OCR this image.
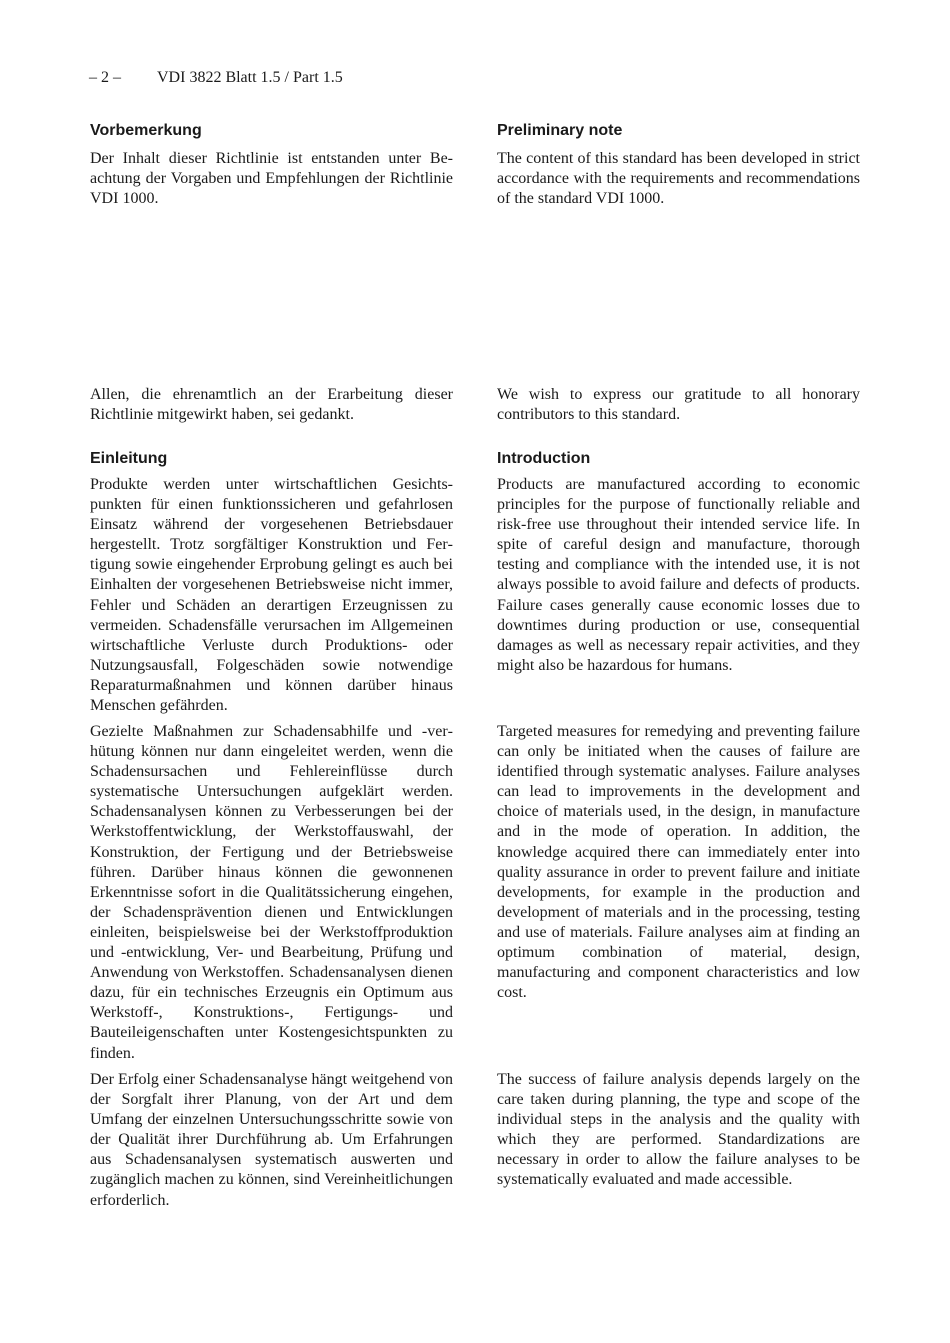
– 2 – VDI 3822 Blatt 1.5 / Part 1.5
Vorbemerkung

Der Inhalt dieser Richtlinie ist entstanden unter Beachtung der Vorgaben und Empfehlungen der Richtlinie VDI 1000.

Allen, die ehrenamtlich an der Erarbeitung dieser Richtlinie mitgewirkt haben, sei gedankt.

Einleitung

Produkte werden unter wirtschaftlichen Gesichtspunkten für einen funktionssicheren und gefahrlosen Einsatz während der vorgesehenen Betriebsdauer hergestellt. Trotz sorgfältiger Konstruktion und Fertigung sowie eingehender Erprobung gelingt es auch bei Einhalten der vorgesehenen Betriebsweise nicht immer, Fehler und Schäden an derartigen Erzeugnissen zu vermeiden. Schadensfälle verursachen im Allgemeinen wirtschaftliche Verluste durch Produktions- oder Nutzungsausfall, Folgeschäden sowie notwendige Reparaturmaßnahmen und können darüber hinaus Menschen gefährden.

Gezielte Maßnahmen zur Schadensabhilfe und -verhütung können nur dann eingeleitet werden, wenn die Schadensursachen und Fehlereinflüsse durch systematische Untersuchungen aufgeklärt werden. Schadensanalysen können zu Verbesserungen bei der Werkstoffentwicklung, der Werkstoffauswahl, der Konstruktion, der Fertigung und der Betriebsweise führen. Darüber hinaus können die gewonnenen Erkenntnisse sofort in die Qualitätssicherung eingehen, der Schadensprävention dienen und Entwicklungen einleiten, beispielsweise bei der Werkstoffproduktion und -entwicklung, Ver- und Bearbeitung, Prüfung und Anwendung von Werkstoffen. Schadensanalysen dienen dazu, für ein technisches Erzeugnis ein Optimum aus Werkstoff-, Konstruktions-, Fertigungs- und Bauteileigenschaften unter Kostengesichtspunkten zu finden.

Der Erfolg einer Schadensanalyse hängt weitgehend von der Sorgfalt ihrer Planung, von der Art und dem Umfang der einzelnen Untersuchungsschritte sowie von der Qualität ihrer Durchführung ab. Um Erfahrungen aus Schadensanalysen systematisch auswerten und zugänglich machen zu können, sind Vereinheitlichungen erforderlich.

Preliminary note

The content of this standard has been developed in strict accordance with the requirements and recommendations of the standard VDI 1000.

We wish to express our gratitude to all honorary contributors to this standard.

Introduction

Products are manufactured according to economic principles for the purpose of functionally reliable and risk-free use throughout their intended service life. In spite of careful design and manufacture, thorough testing and compliance with the intended use, it is not always possible to avoid failure and defects of products. Failure cases generally cause economic losses due to downtimes during production or use, consequential damages as well as necessary repair activities, and they might also be hazardous for humans.

Targeted measures for remedying and preventing failure can only be initiated when the causes of failure are identified through systematic analyses. Failure analyses can lead to improvements in the development and choice of materials used, in the design, in manufacture and in the mode of operation. In addition, the knowledge acquired there can immediately enter into quality assurance in order to prevent failure and initiate developments, for example in the production and development of materials and in the processing, testing and use of materials. Failure analyses aim at finding an optimum combination of material, design, manufacturing and component characteristics and low cost.

The success of failure analysis depends largely on the care taken during planning, the type and scope of the individual steps in the analysis and the quality with which they are performed. Standardizations are necessary in order to allow the failure analyses to be systematically evaluated and made accessible.
